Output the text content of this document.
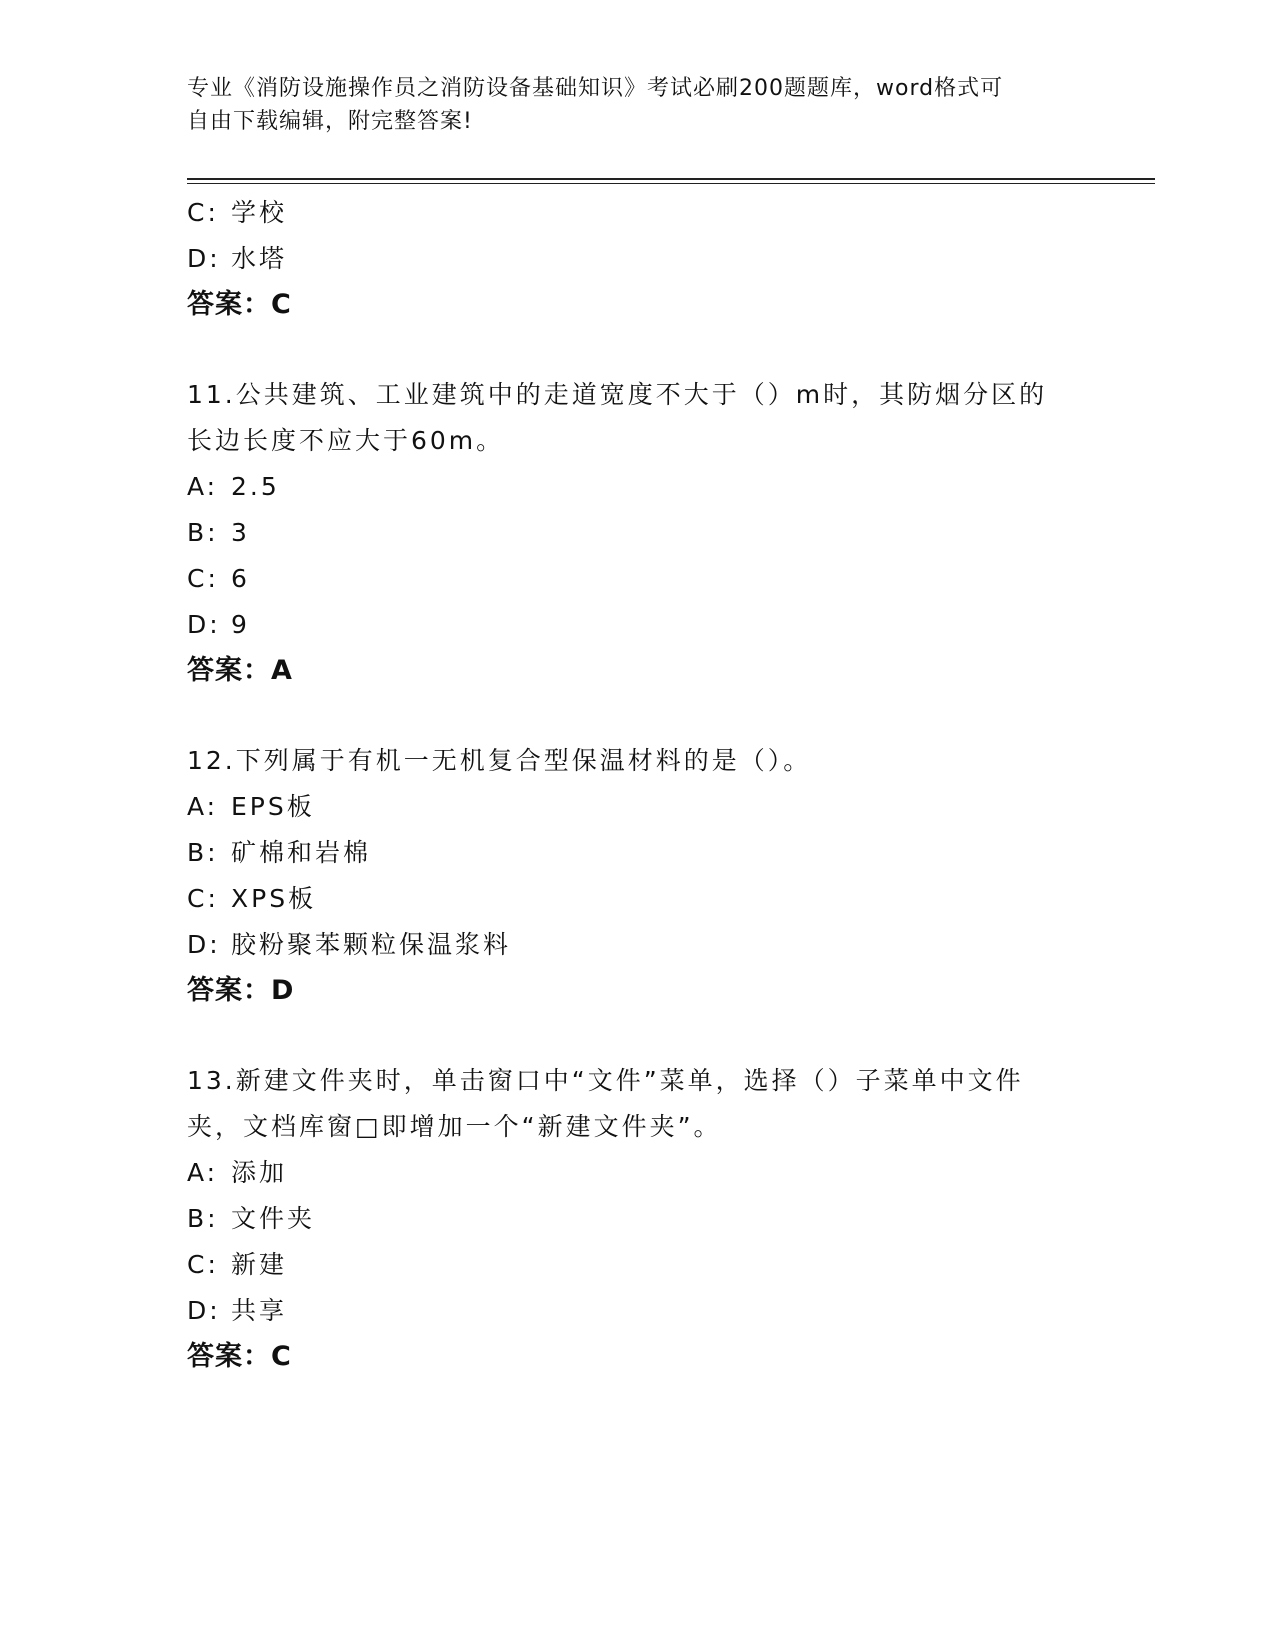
专业《消防设施操作员之消防设备基础知识》考试必刷200题题库，word格式可
自由下载编辑，附完整答案!
C: 学校
D: 水塔
答案：C
11.公共建筑、工业建筑中的走道宽度不大于（）m时，其防烟分区的
长边长度不应大于60m。
A: 2.5
B: 3
C: 6
D: 9
答案：A
12.下列属于有机一无机复合型保温材料的是（）。
A: EPS板
B: 矿棉和岩棉
C: XPS板
D: 胶粉聚苯颗粒保温浆料
答案：D
13.新建文件夹时，单击窗口中“文件”菜单，选择（）子菜单中文件
夹，文档库窗□即增加一个“新建文件夹”。
A: 添加
B: 文件夹
C: 新建
D: 共享
答案：C
